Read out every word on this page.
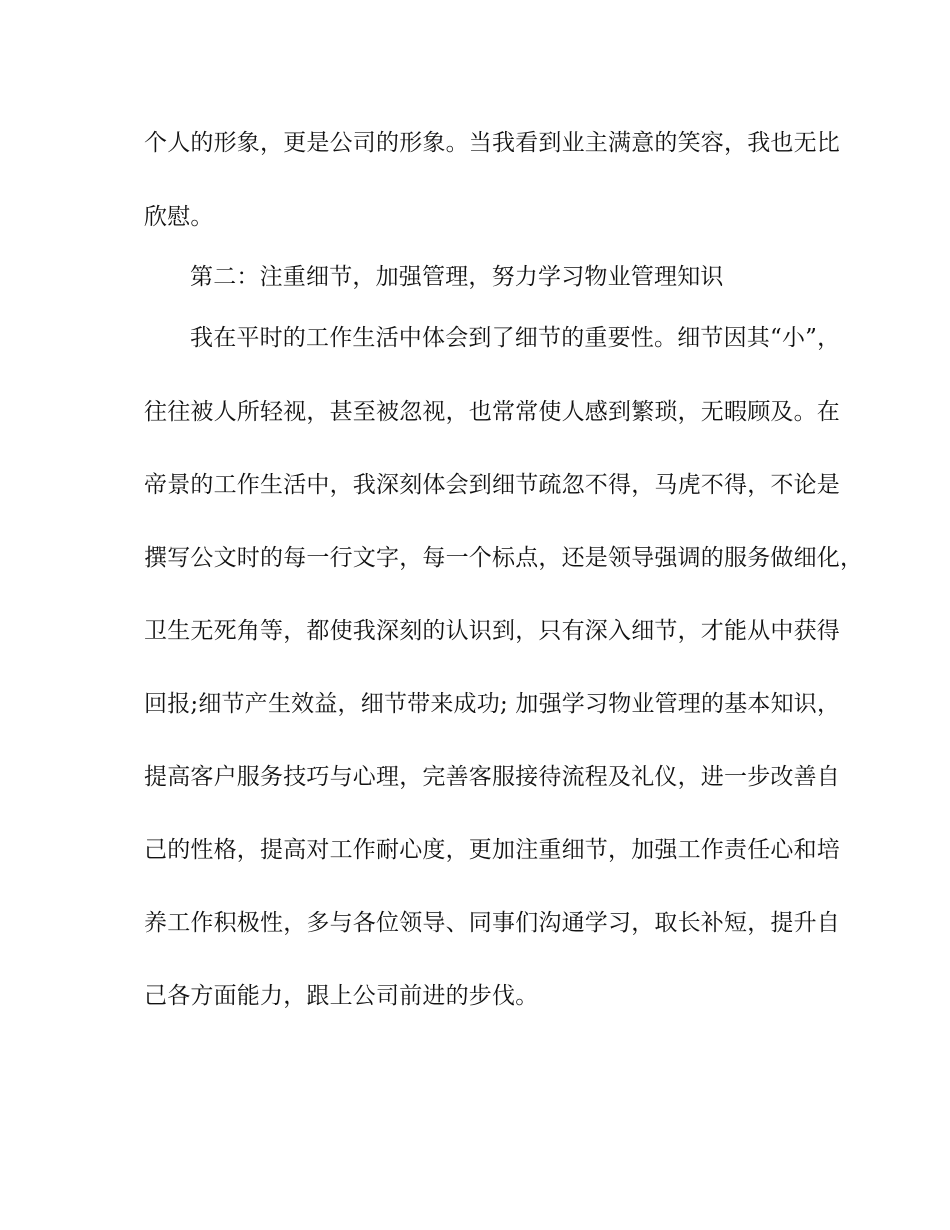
个人的形象，更是公司的形象。当我看到业主满意的笑容，我也无比

欣慰。

第二：注重细节，加强管理，努力学习物业管理知识

我在平时的工作生活中体会到了细节的重要性。细节因其“小”，

往往被人所轻视，甚至被忽视，也常常使人感到繁琐，无暇顾及。在

帝景的工作生活中，我深刻体会到细节疏忽不得，马虎不得，不论是

撰写公文时的每一行文字，每一个标点，还是领导强调的服务做细化，

卫生无死角等，都使我深刻的认识到，只有深入细节，才能从中获得

回报;细节产生效益，细节带来成功; 加强学习物业管理的基本知识，

提高客户服务技巧与心理，完善客服接待流程及礼仪，进一步改善自

己的性格，提高对工作耐心度，更加注重细节，加强工作责任心和培

养工作积极性，多与各位领导、同事们沟通学习，取长补短，提升自

己各方面能力，跟上公司前进的步伐。
